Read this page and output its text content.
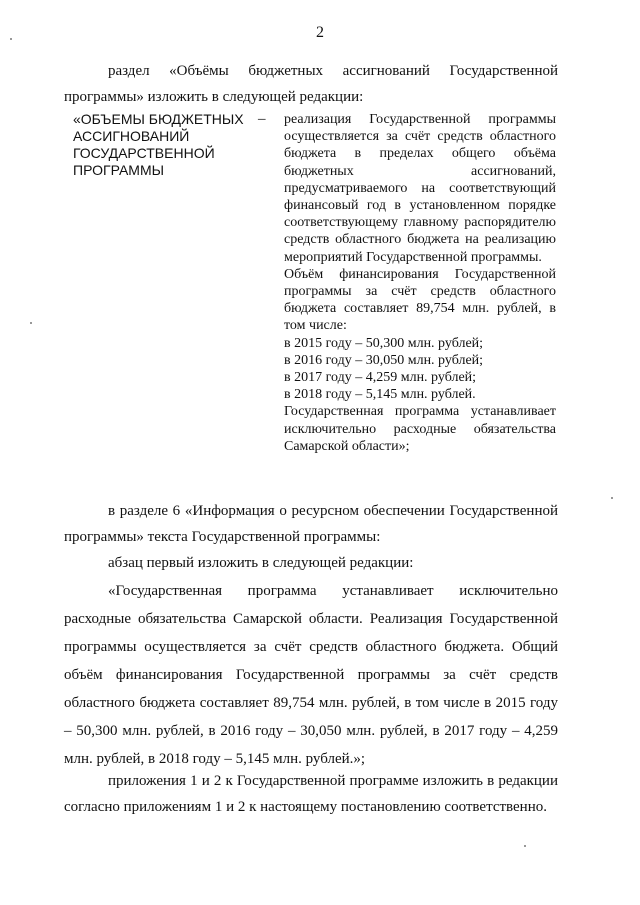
2

раздел «Объёмы бюджетных ассигнований Государственной программы» изложить в следующей редакции:

«ОБЪЕМЫ БЮДЖЕТНЫХ АССИГНОВАНИЙ ГОСУДАРСТВЕННОЙ ПРОГРАММЫ
– реализация Государственной программы осуществляется за счёт средств областного бюджета в пределах общего объёма бюджетных ассигнований, предусматриваемого на соответствующий финансовый год в установленном порядке соответствующему главному распорядителю средств областного бюджета на реализацию мероприятий Государственной программы.

Объём финансирования Государственной программы за счёт средств областного бюджета составляет 89,754 млн. рублей, в том числе:

в 2015 году – 50,300 млн. рублей;

в 2016 году – 30,050 млн. рублей;

в 2017 году – 4,259 млн. рублей;

в 2018 году – 5,145 млн. рублей.

Государственная программа устанавливает исключительно расходные обязательства Самарской области»;

в разделе 6 «Информация о ресурсном обеспечении Государственной программы» текста Государственной программы:

абзац первый изложить в следующей редакции:

«Государственная программа устанавливает исключительно расходные обязательства Самарской области. Реализация Государственной программы осуществляется за счёт средств областного бюджета. Общий объём финансирования Государственной программы за счёт средств областного бюджета составляет 89,754 млн. рублей, в том числе в 2015 году – 50,300 млн. рублей, в 2016 году – 30,050 млн. рублей, в 2017 году – 4,259 млн. рублей, в 2018 году – 5,145 млн. рублей.»;

приложения 1 и 2 к Государственной программе изложить в редакции согласно приложениям 1 и 2 к настоящему постановлению соответственно.
